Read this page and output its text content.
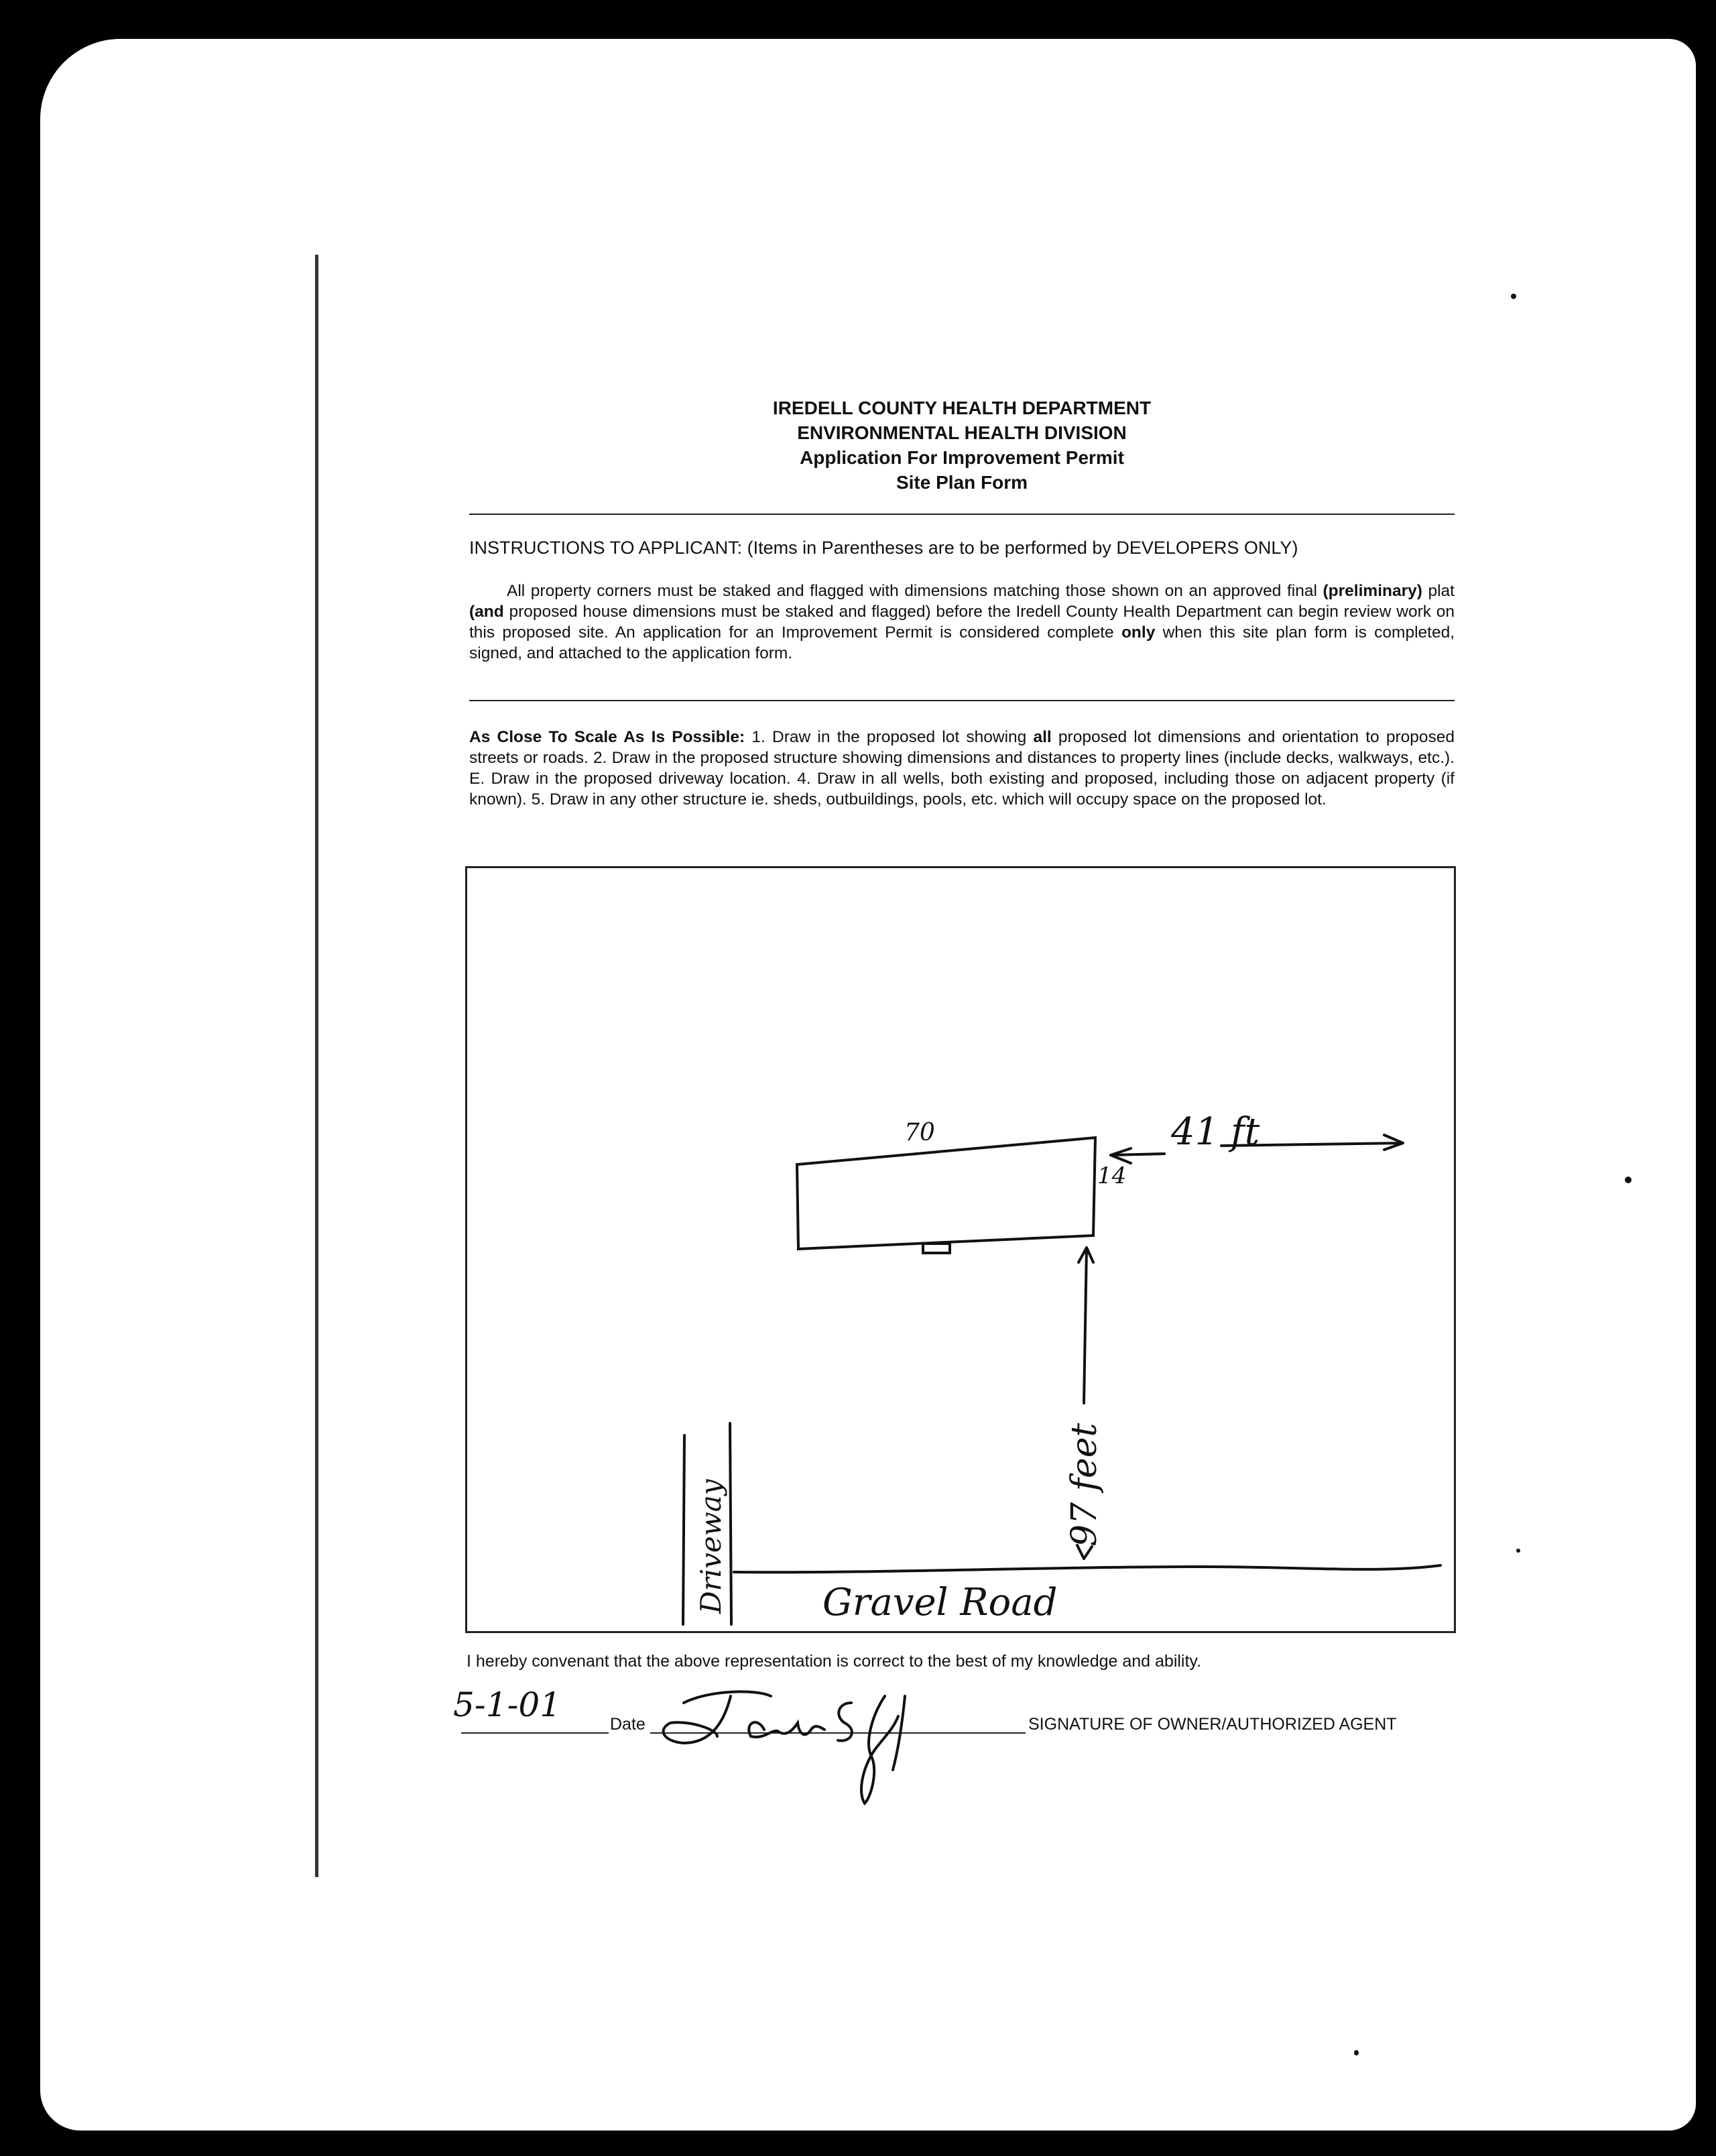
IREDELL COUNTY HEALTH DEPARTMENT
ENVIRONMENTAL HEALTH DIVISION
Application For Improvement Permit
Site Plan Form
INSTRUCTIONS TO APPLICANT: (Items in Parentheses are to be performed by DEVELOPERS ONLY)
All property corners must be staked and flagged with dimensions matching those shown on an approved final (preliminary) plat (and proposed house dimensions must be staked and flagged) before the Iredell County Health Department can begin review work on this proposed site. An application for an Improvement Permit is considered complete only when this site plan form is completed, signed, and attached to the application form.
As Close To Scale As Is Possible: 1. Draw in the proposed lot showing all proposed lot dimensions and orientation to proposed streets or roads. 2. Draw in the proposed structure showing dimensions and distances to property lines (include decks, walkways, etc.). E. Draw in the proposed driveway location. 4. Draw in all wells, both existing and proposed, including those on adjacent property (if known). 5. Draw in any other structure ie. sheds, outbuildings, pools, etc. which will occupy space on the proposed lot.
70
14
41 ft
97 feet
Driveway	Gravel Road
I hereby convenant that the above representation is correct to the best of my knowledge and ability.
5-1-01	Date	SIGNATURE OF OWNER/AUTHORIZED AGENT
